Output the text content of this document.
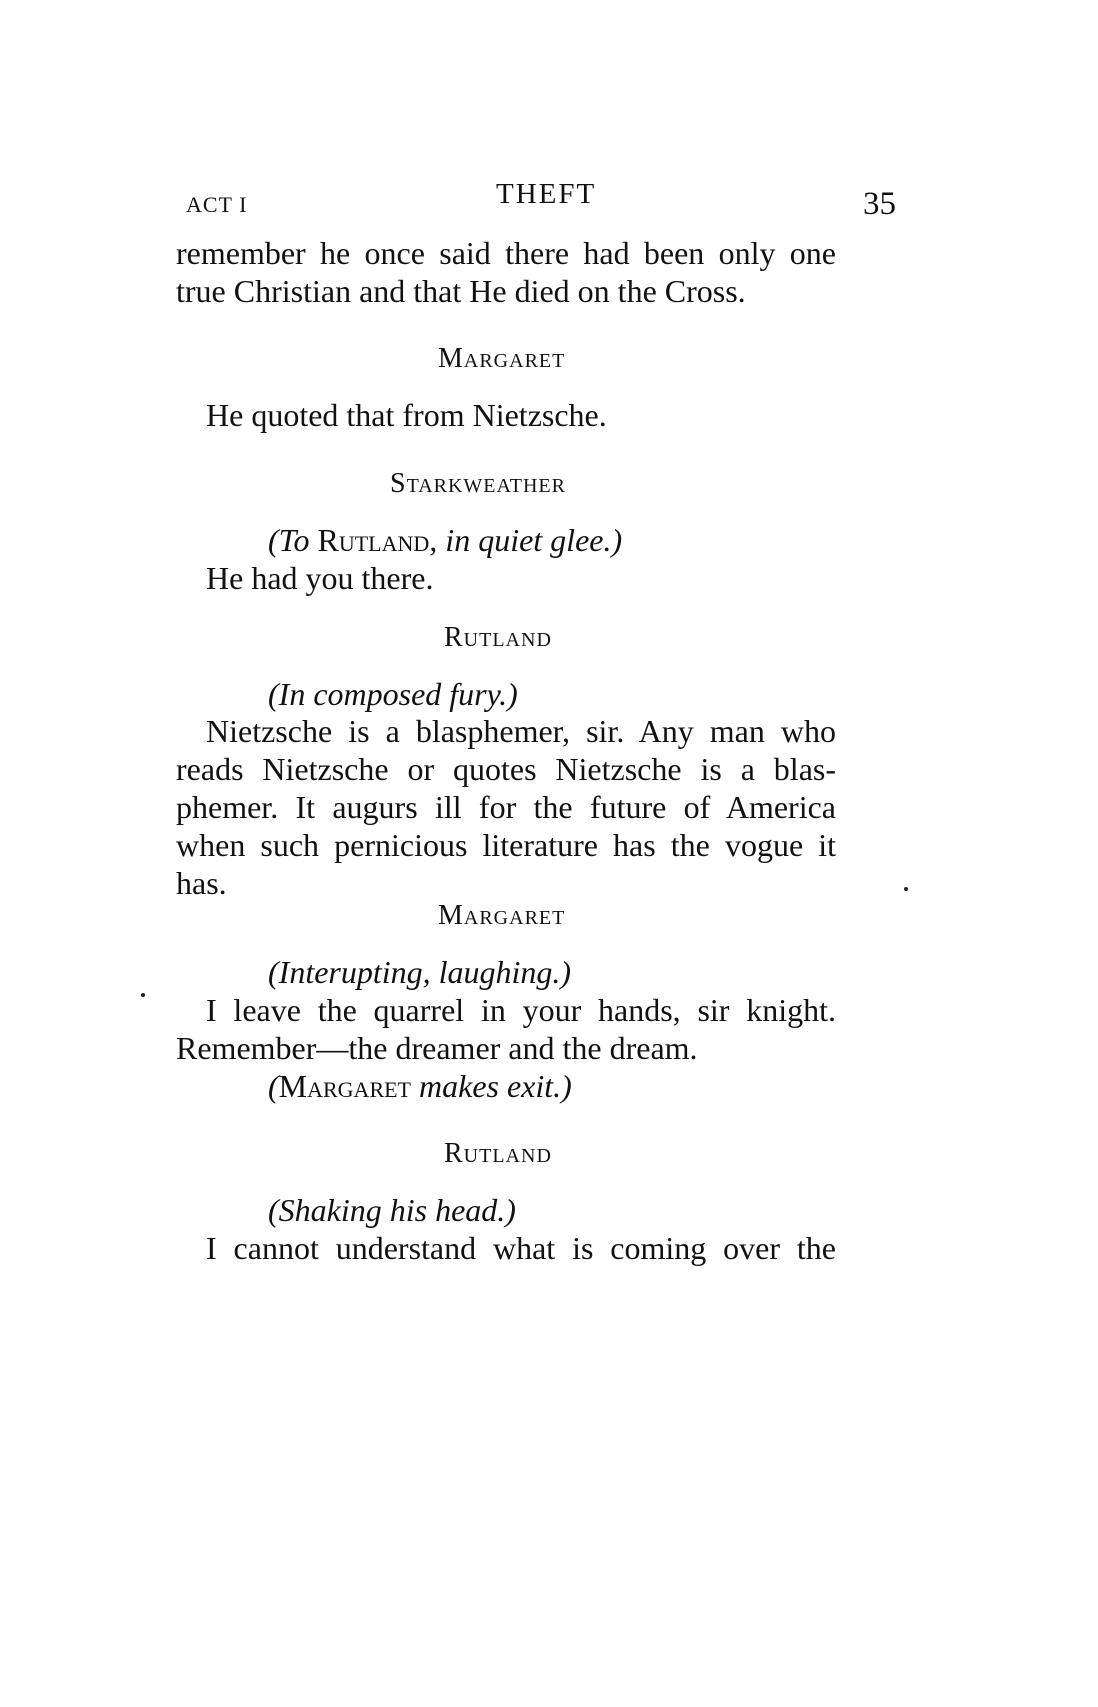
ACT I	THEFT	35
remember he once said there had been only one
true Christian and that He died on the Cross.
Margaret
He quoted that from Nietzsche.
Starkweather
(To Rutland, in quiet glee.)
He had you there.
Rutland
(In composed fury.)
Nietzsche is a blasphemer, sir. Any man who
reads Nietzsche or quotes Nietzsche is a blas-
phemer. It augurs ill for the future of America
when such pernicious literature has the vogue it
has.
Margaret
(Interupting, laughing.)
I leave the quarrel in your hands, sir knight.
Remember—the dreamer and the dream.
(Margaret makes exit.)
Rutland
(Shaking his head.)
I cannot understand what is coming over the
